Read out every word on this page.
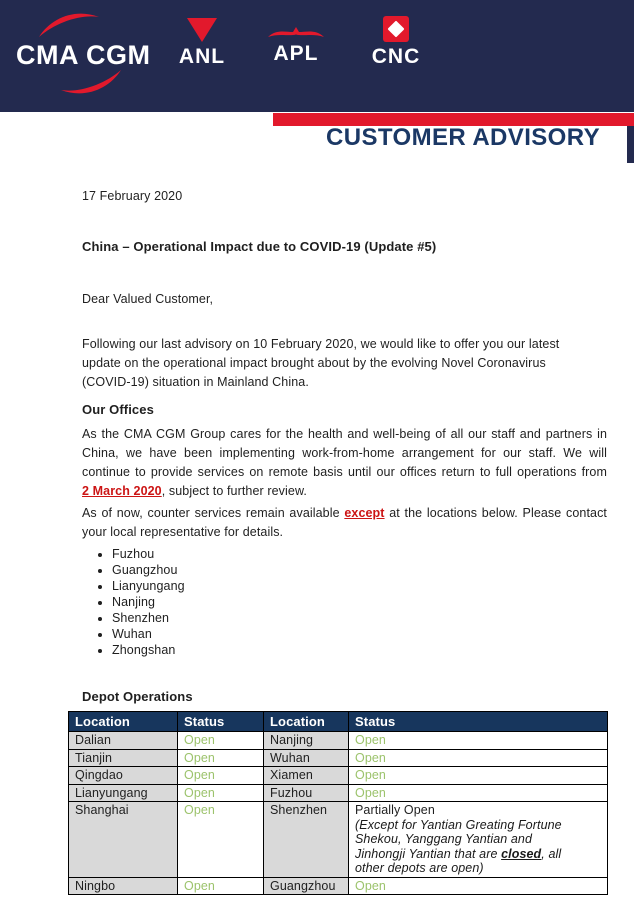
CMA CGM	ANL	APL	CNC
CUSTOMER ADVISORY
17 February 2020
China – Operational Impact due to COVID-19 (Update #5)
Dear Valued Customer,
Following our last advisory on 10 February 2020, we would like to offer you our latest
update on the operational impact brought about by the evolving Novel Coronavirus
(COVID-19) situation in Mainland China.
Our Offices
As the CMA CGM Group cares for the health and well-being of all our staff and partners in
China, we have been implementing work-from-home arrangement for our staff. We will
continue to provide services on remote basis until our offices return to full operations from
2 March 2020, subject to further review.
As of now, counter services remain available except at the locations below. Please contact
your local representative for details.
• Fuzhou
• Guangzhou
• Lianyungang
• Nanjing
• Shenzhen
• Wuhan
• Zhongshan
Depot Operations
Location	Status	Location	Status
Dalian	Open	Nanjing	Open
Tianjin	Open	Wuhan	Open
Qingdao	Open	Xiamen	Open
Lianyungang	Open	Fuzhou	Open
Shanghai	Open	Shenzhen	Partially Open
(Except for Yantian Greating Fortune
Shekou, Yanggang Yantian and
Jinhongji Yantian that are closed, all
other depots are open)

Ningbo	Open	Guangzhou	Open
